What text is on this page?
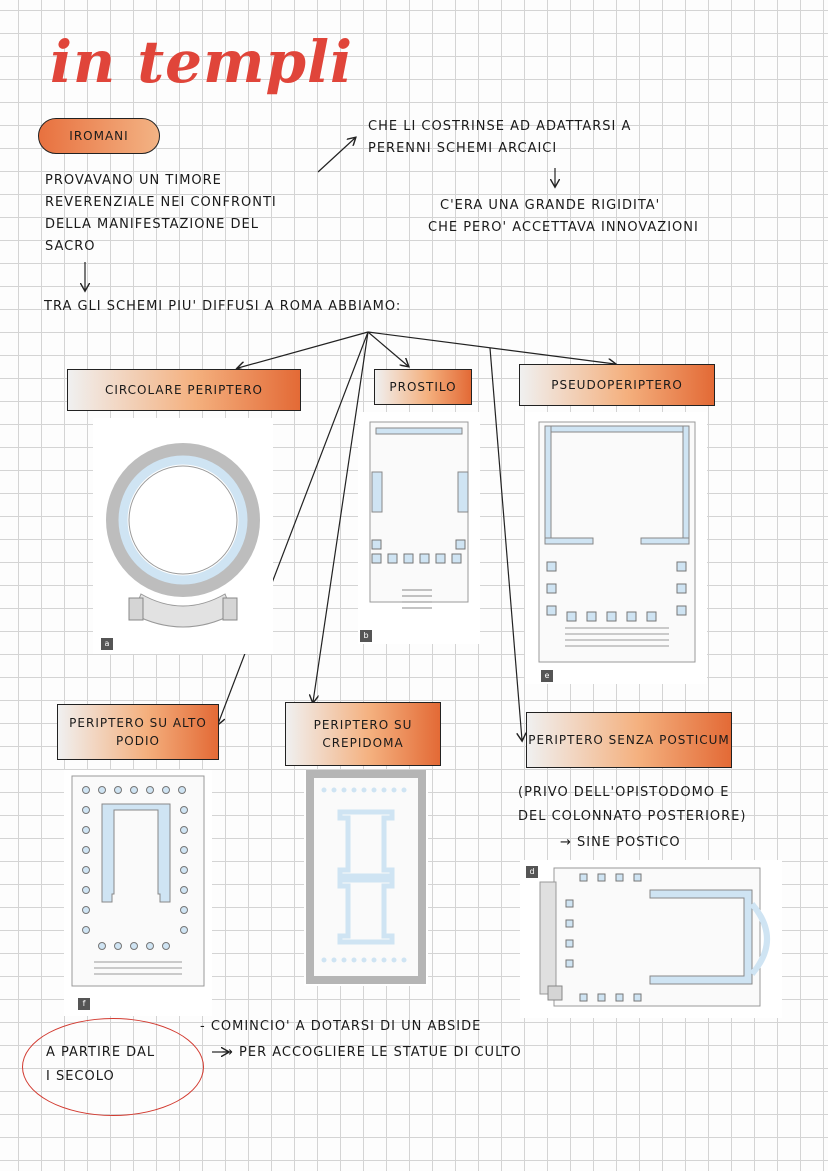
in templi
IROMANI
PROVAVANO UN TIMORE
REVERENZIALE NEI CONFRONTI
DELLA MANIFESTAZIONE DEL
SACRO
CHE LI COSTRINSE AD ADATTARSI A
PERENNI SCHEMI ARCAICI
C'ERA UNA GRANDE RIGIDITA'
CHE PERO' ACCETTAVA INNOVAZIONI
TRA GLI SCHEMI PIU' DIFFUSI A ROMA ABBIAMO:
CIRCOLARE PERIPTERO	PROSTILO	PSEUDOPERIPTERO
a
b
e
PERIPTERO SU ALTO PODIO
PERIPTERO SU CREPIDOMA	PERIPTERO SENZA POSTICUM
f
(PRIVO DELL'OPISTODOMO E
DEL COLONNATO POSTERIORE)
→ SINE POSTICO
d
A PARTIRE DAL
I SECOLO
- COMINCIO' A DOTARSI DI UN ABSIDE
→ PER ACCOGLIERE LE STATUE DI CULTO
